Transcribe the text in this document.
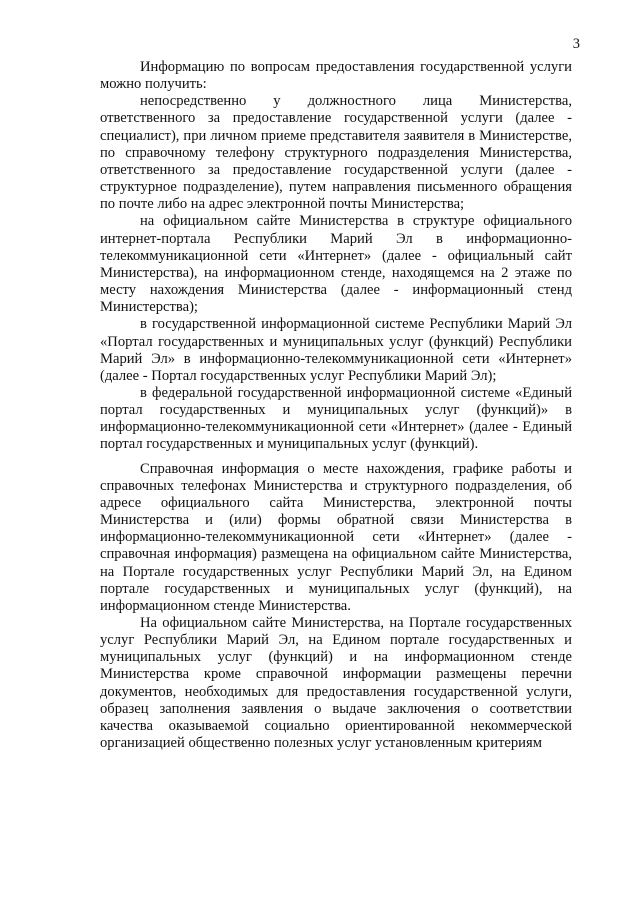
3

Информацию по вопросам предоставления государственной услуги можно получить:

непосредственно у должностного лица Министерства, ответственного за предоставление государственной услуги (далее - специалист), при личном приеме представителя заявителя в Министерстве, по справочному телефону структурного подразделения Министерства, ответственного за предоставление государственной услуги (далее - структурное подразделение), путем направления письменного обращения по почте либо на адрес электронной почты Министерства;

на официальном сайте Министерства в структуре официального интернет-портала Республики Марий Эл в информационно-телекоммуникационной сети «Интернет» (далее - официальный сайт Министерства), на информационном стенде, находящемся на 2 этаже по месту нахождения Министерства (далее - информационный стенд Министерства);

в государственной информационной системе Республики Марий Эл «Портал государственных и муниципальных услуг (функций) Республики Марий Эл» в информационно-телекоммуникационной сети «Интернет» (далее - Портал государственных услуг Республики Марий Эл);

в федеральной государственной информационной системе «Единый портал государственных и муниципальных услуг (функций)» в информационно-телекоммуникационной сети «Интернет» (далее - Единый портал государственных и муниципальных услуг (функций).

Справочная информация о месте нахождения, графике работы и справочных телефонах Министерства и структурного подразделения, об адресе официального сайта Министерства, электронной почты Министерства и (или) формы обратной связи Министерства в информационно-телекоммуникационной сети «Интернет» (далее - справочная информация) размещена на официальном сайте Министерства, на Портале государственных услуг Республики Марий Эл, на Едином портале государственных и муниципальных услуг (функций), на информационном стенде Министерства.

На официальном сайте Министерства, на Портале государственных услуг Республики Марий Эл, на Едином портале государственных и муниципальных услуг (функций) и на информационном стенде Министерства кроме справочной информации размещены перечни документов, необходимых для предоставления государственной услуги, образец заполнения заявления о выдаче заключения о соответствии качества оказываемой социально ориентированной некоммерческой организацией общественно полезных услуг установленным критериям
